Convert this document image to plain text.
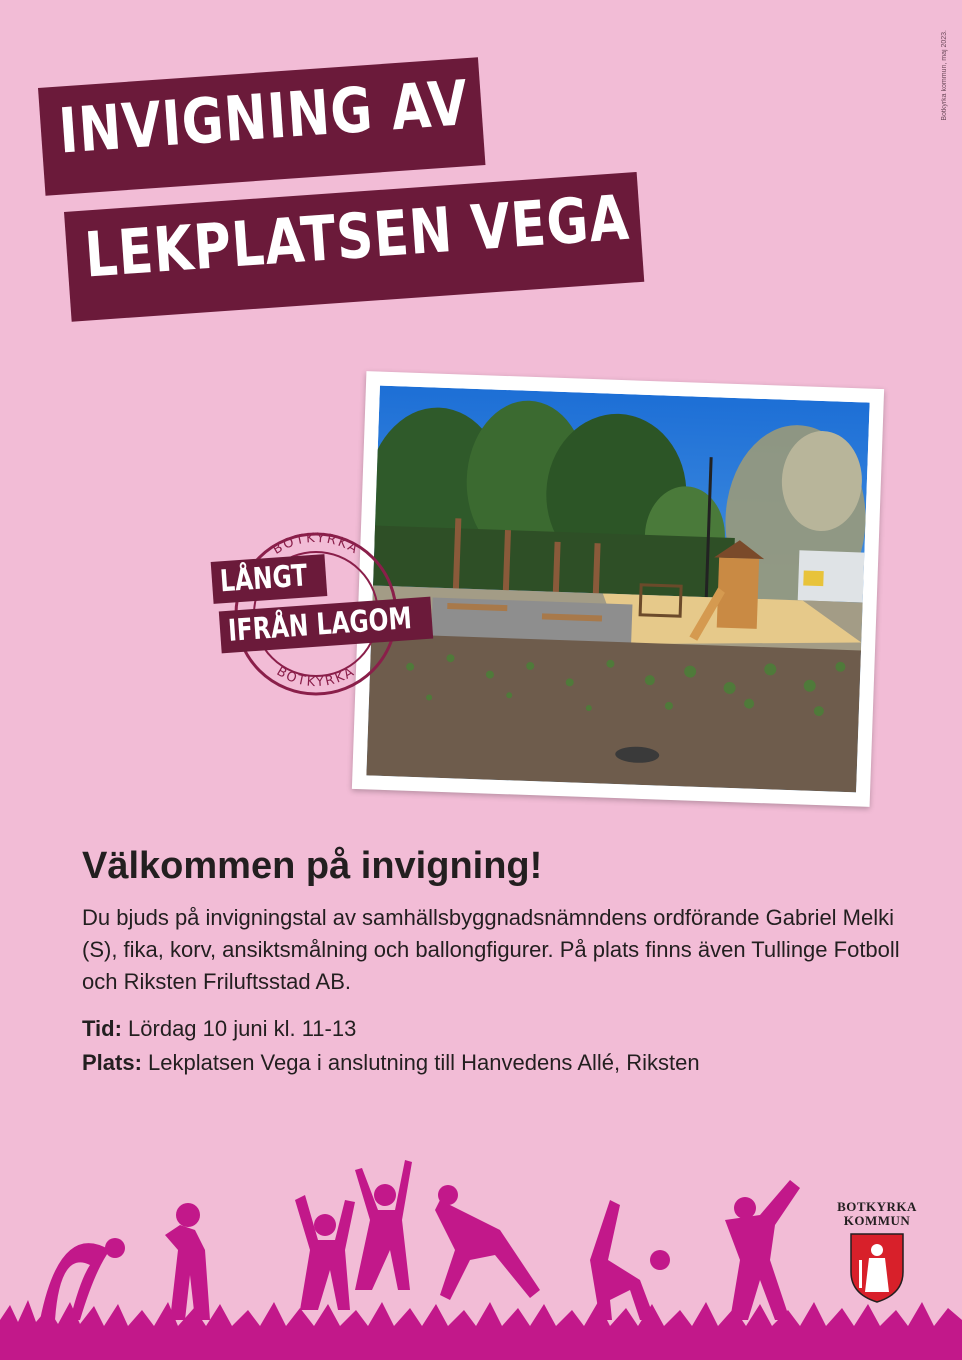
Botkyrka kommun, maj 2023.
INVIGNING AV
LEKPLATSEN VEGA
BOTKYRKA
BOTKYRKA
LÅNGT
IFRÅN LAGOM
Välkommen på invigning!

Du bjuds på invigningstal av samhällsbyggnadsnämndens ordförande Gabriel Melki (S), fika, korv, ansiktsmålning och ballongfigurer. På plats finns även Tullinge Fotboll och Riksten Friluftsstad AB.

Tid: Lördag 10 juni kl. 11-13
Plats: Lekplatsen Vega i anslutning till Hanvedens Allé, Riksten
BOTKYRKA
KOMMUN
